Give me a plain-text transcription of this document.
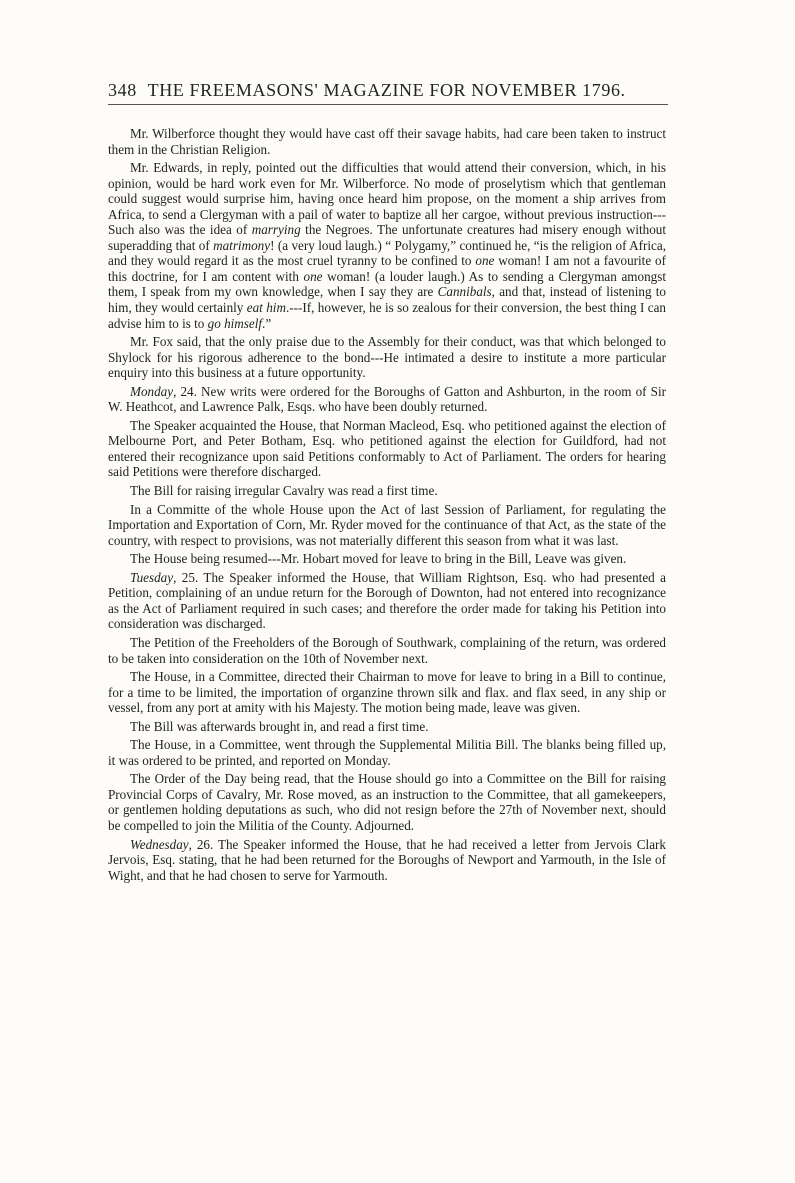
348 THE FREEMASONS' MAGAZINE FOR NOVEMBER 1796.

Mr. Wilberforce thought they would have cast off their savage habits, had care been taken to instruct them in the Christian Religion.

Mr. Edwards, in reply, pointed out the difficulties that would attend their conversion, which, in his opinion, would be hard work even for Mr. Wilberforce. No mode of proselytism which that gentleman could suggest would surprise him, having once heard him propose, on the moment a ship arrives from Africa, to send a Clergyman with a pail of water to baptize all her cargoe, without previous instruction---Such also was the idea of marrying the Negroes. The unfortunate creatures had misery enough without superadding that of matrimony! (a very loud laugh.) “ Polygamy,” continued he, “is the religion of Africa, and they would regard it as the most cruel tyranny to be confined to one woman! I am not a favourite of this doctrine, for I am content with one woman! (a louder laugh.) As to sending a Clergyman amongst them, I speak from my own knowledge, when I say they are Cannibals, and that, instead of listening to him, they would certainly eat him.---If, however, he is so zealous for their conversion, the best thing I can advise him to is to go himself.”

Mr. Fox said, that the only praise due to the Assembly for their conduct, was that which belonged to Shylock for his rigorous adherence to the bond---He intimated a desire to institute a more particular enquiry into this business at a future opportunity.

Monday, 24. New writs were ordered for the Boroughs of Gatton and Ashburton, in the room of Sir W. Heathcot, and Lawrence Palk, Esqs. who have been doubly returned.

The Speaker acquainted the House, that Norman Macleod, Esq. who petitioned against the election of Melbourne Port, and Peter Botham, Esq. who petitioned against the election for Guildford, had not entered their recognizance upon said Petitions conformably to Act of Parliament. The orders for hearing said Petitions were therefore discharged.

The Bill for raising irregular Cavalry was read a first time.

In a Committe of the whole House upon the Act of last Session of Parliament, for regulating the Importation and Exportation of Corn, Mr. Ryder moved for the continuance of that Act, as the state of the country, with respect to provisions, was not materially different this season from what it was last.

The House being resumed---Mr. Hobart moved for leave to bring in the Bill, Leave was given.

Tuesday, 25. The Speaker informed the House, that William Rightson, Esq. who had presented a Petition, complaining of an undue return for the Borough of Downton, had not entered into recognizance as the Act of Parliament required in such cases; and therefore the order made for taking his Petition into consideration was discharged.

The Petition of the Freeholders of the Borough of Southwark, complaining of the return, was ordered to be taken into consideration on the 10th of November next.

The House, in a Committee, directed their Chairman to move for leave to bring in a Bill to continue, for a time to be limited, the importation of organzine thrown silk and flax. and flax seed, in any ship or vessel, from any port at amity with his Majesty. The motion being made, leave was given.

The Bill was afterwards brought in, and read a first time.

The House, in a Committee, went through the Supplemental Militia Bill. The blanks being filled up, it was ordered to be printed, and reported on Monday.

The Order of the Day being read, that the House should go into a Committee on the Bill for raising Provincial Corps of Cavalry, Mr. Rose moved, as an instruction to the Committee, that all gamekeepers, or gentlemen holding deputations as such, who did not resign before the 27th of November next, should be compelled to join the Militia of the County. Adjourned.

Wednesday, 26. The Speaker informed the House, that he had received a letter from Jervois Clark Jervois, Esq. stating, that he had been returned for the Boroughs of Newport and Yarmouth, in the Isle of Wight, and that he had chosen to serve for Yarmouth.
